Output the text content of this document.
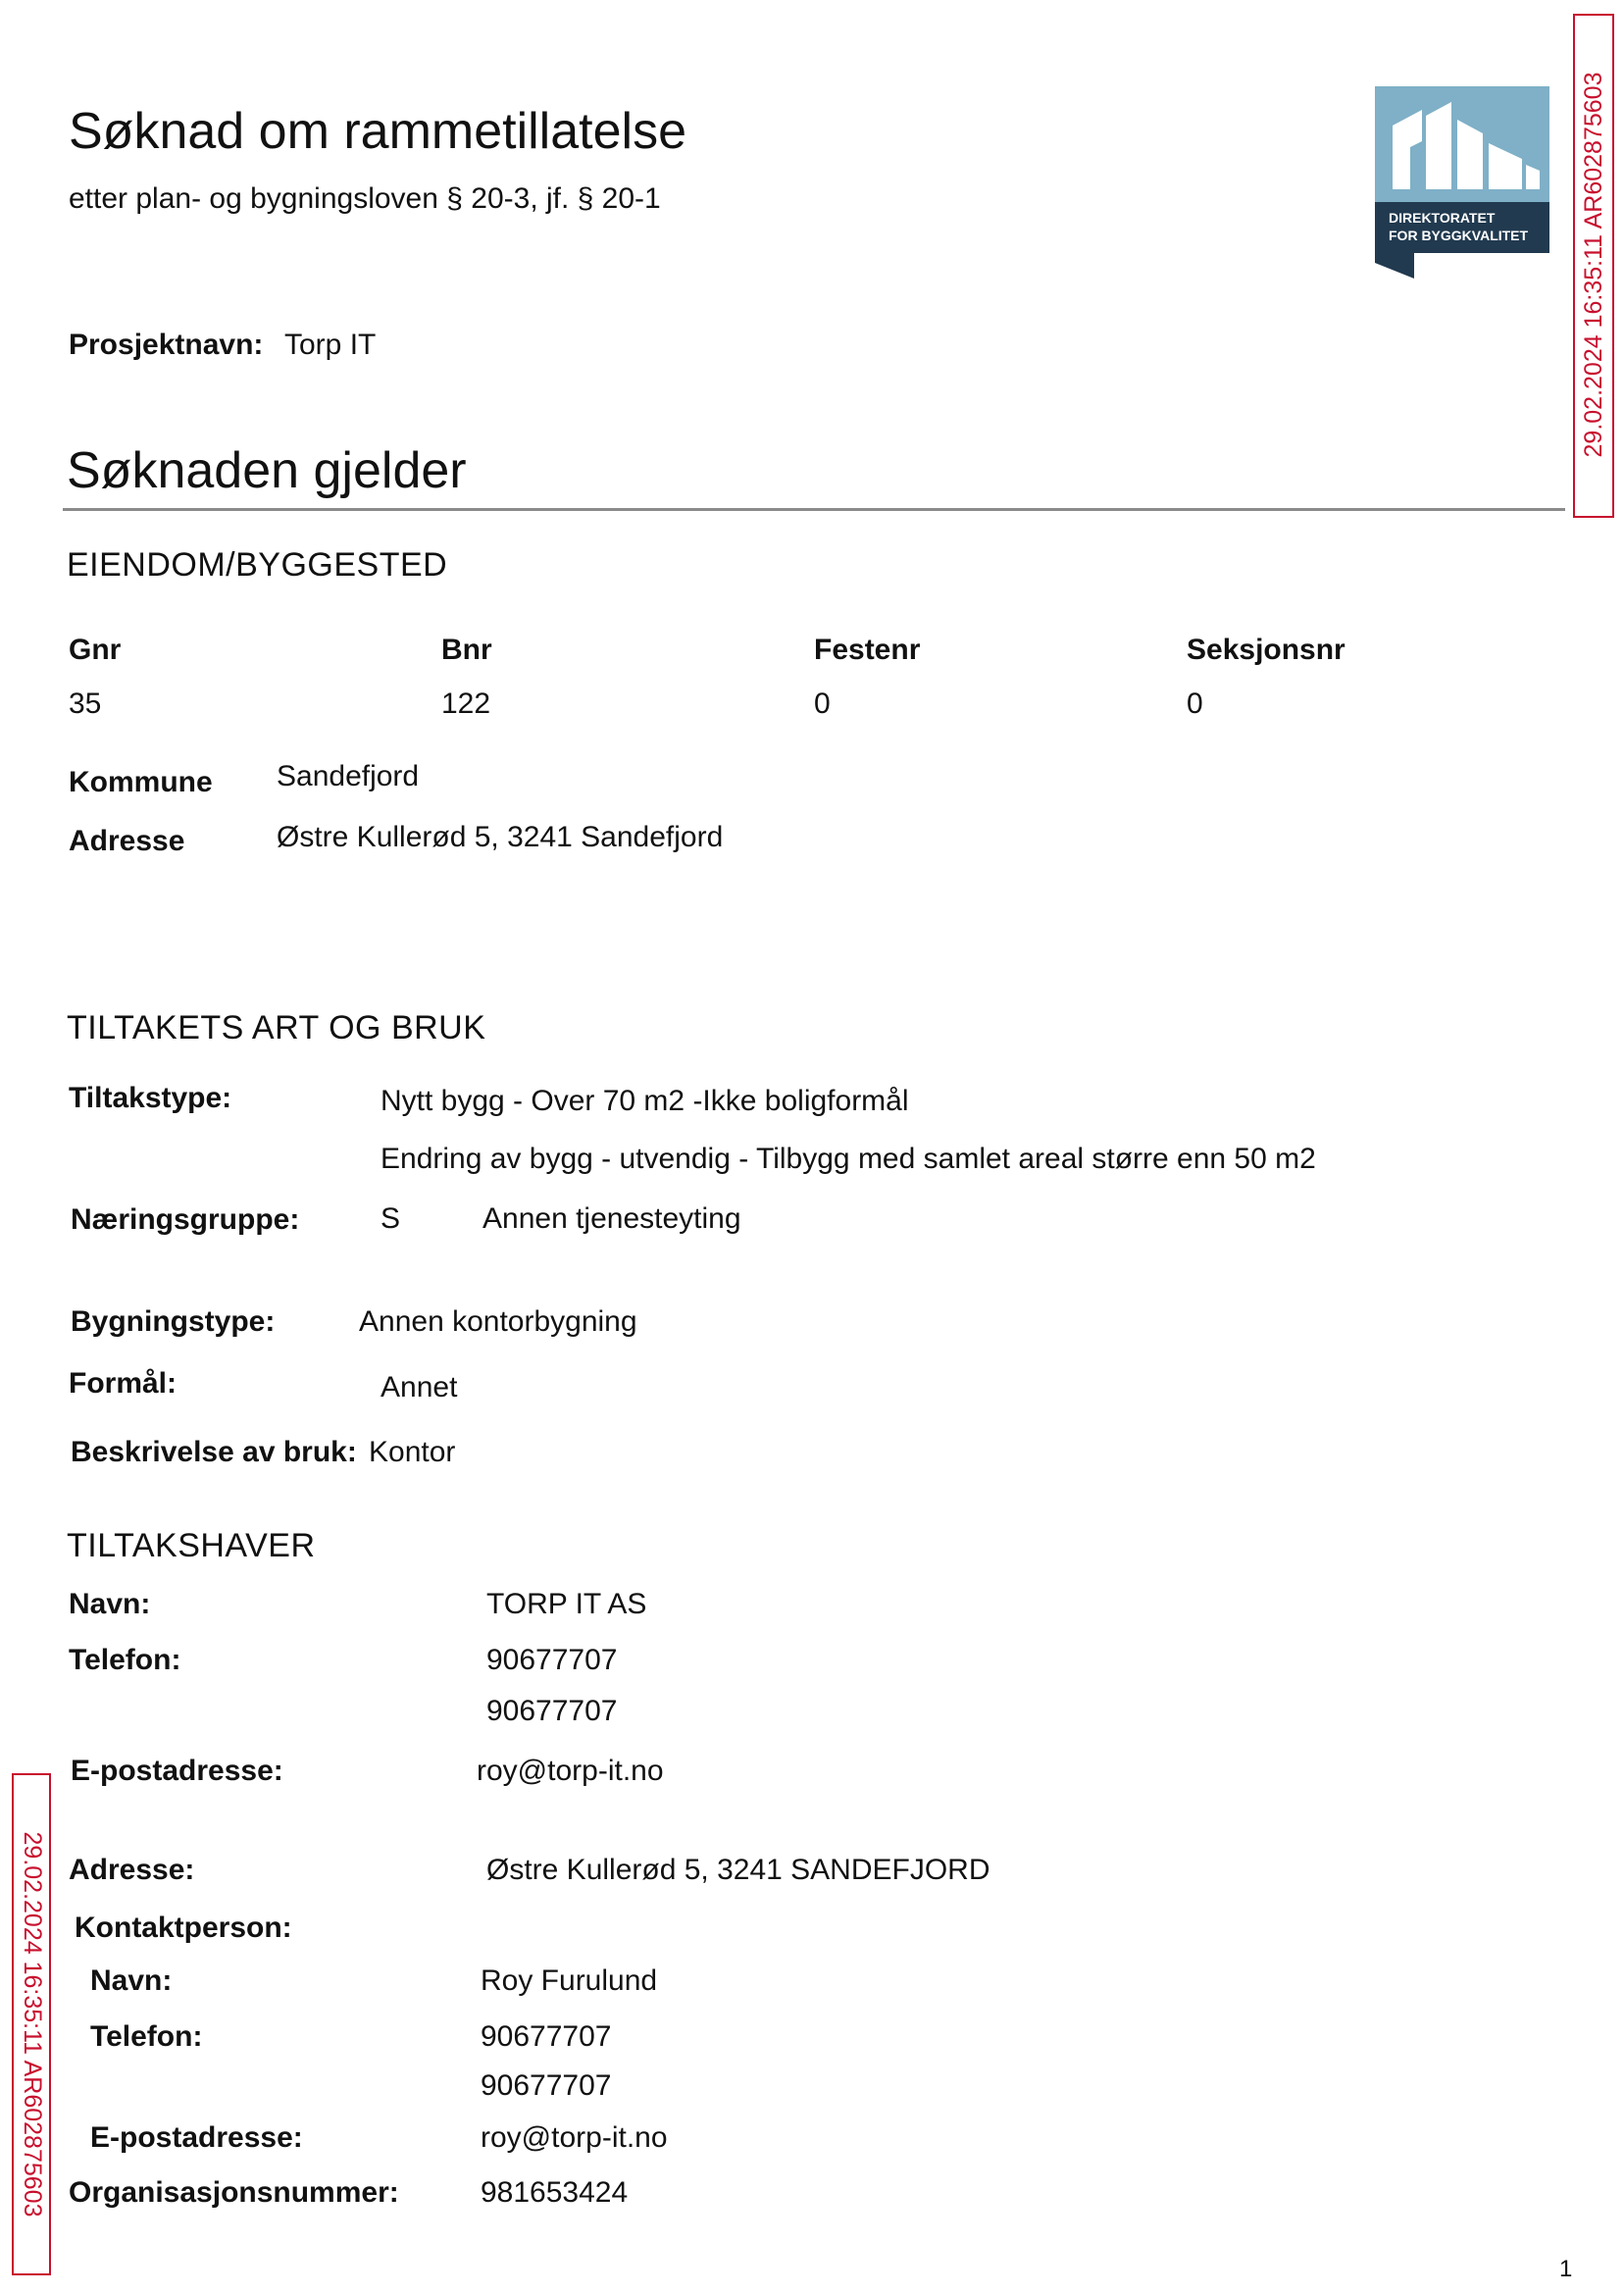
Søknad om rammetillatelse
etter plan- og bygningsloven § 20-3, jf. § 20-1
DIREKTORATET
FOR BYGGKVALITET 29.02.2024 16:35:11 AR602875603
Prosjektnavn: Torp IT
Søknaden gjelder
EIENDOM/BYGGESTED
Gnr	Bnr	Festenr	Seksjonsnr
35	122	0	0
Kommune Sandefjord
Adresse	Østre Kullerød 5, 3241 Sandefjord
TILTAKETS ART OG BRUK
Tiltakstype:	Nytt bygg - Over 70 m2 -Ikke boligformål
Endring av bygg - utvendig - Tilbygg med samlet areal større enn 50 m2
Næringsgruppe:	S	Annen tjenesteyting
Bygningstype:	Annen kontorbygning
Formål:	Annet
Beskrivelse av bruk: Kontor
TILTAKSHAVER
Navn:	TORP IT AS
Telefon:	90677707
90677707
E-postadresse:	roy@torp-it.no
Adresse:	Østre Kullerød 5, 3241 SANDEFJORD
Kontaktperson:
Navn:	Roy Furulund
Telefon:	90677707
90677707
E-postadresse:	roy@torp-it.no
Organisasjonsnummer:	981653424
29.02.2024 16:35:11 AR602875603
1
